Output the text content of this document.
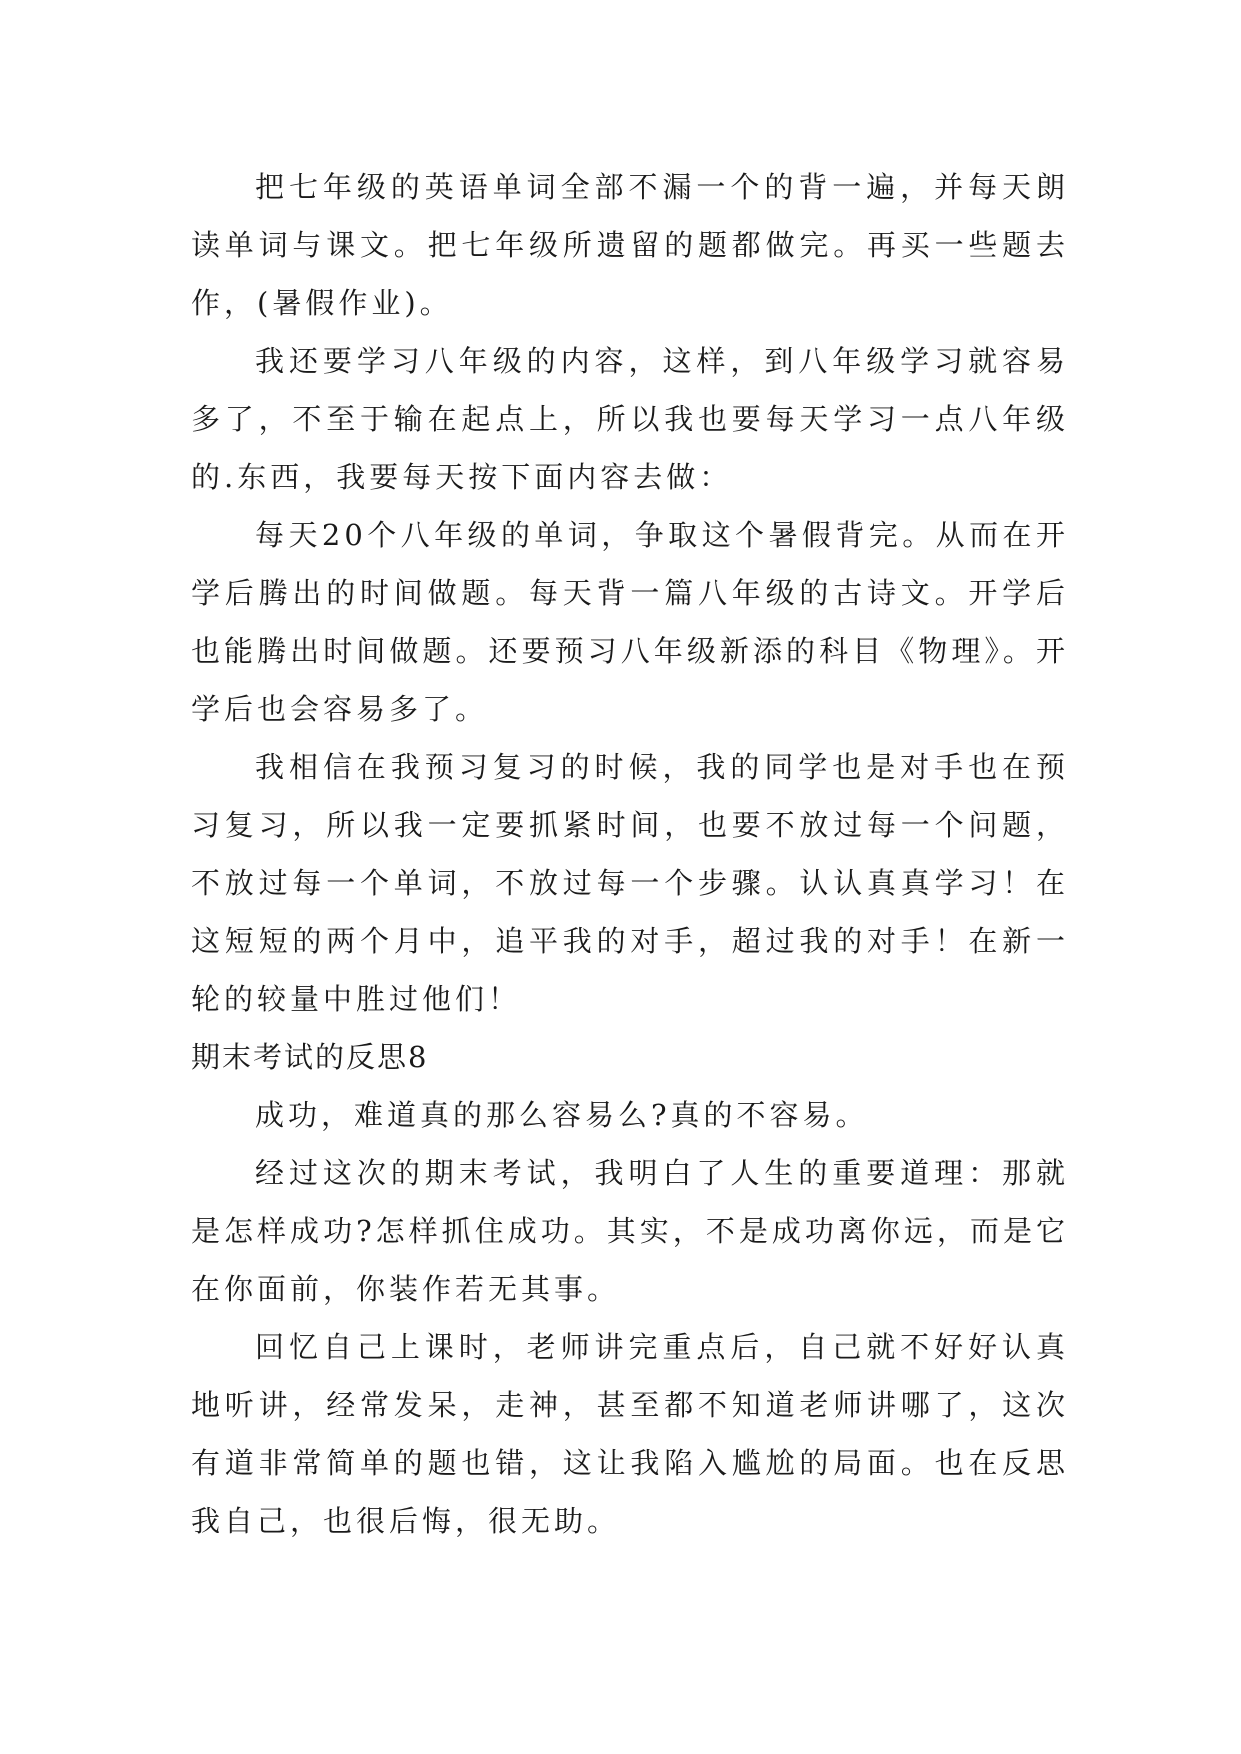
把七年级的英语单词全部不漏一个的背一遍，并每天朗读单词与课文。把七年级所遗留的题都做完。再买一些题去作，(暑假作业)。

我还要学习八年级的内容，这样，到八年级学习就容易多了，不至于输在起点上，所以我也要每天学习一点八年级的.东西，我要每天按下面内容去做：

每天20个八年级的单词，争取这个暑假背完。从而在开学后腾出的时间做题。每天背一篇八年级的古诗文。开学后也能腾出时间做题。还要预习八年级新添的科目《物理》。开学后也会容易多了。

我相信在我预习复习的时候，我的同学也是对手也在预习复习，所以我一定要抓紧时间，也要不放过每一个问题，不放过每一个单词，不放过每一个步骤。认认真真学习！在这短短的两个月中，追平我的对手，超过我的对手！在新一轮的较量中胜过他们！

期末考试的反思8

成功，难道真的那么容易么?真的不容易。

经过这次的期末考试，我明白了人生的重要道理：那就是怎样成功?怎样抓住成功。其实，不是成功离你远，而是它在你面前，你装作若无其事。

回忆自己上课时，老师讲完重点后，自己就不好好认真地听讲，经常发呆，走神，甚至都不知道老师讲哪了，这次有道非常简单的题也错，这让我陷入尴尬的局面。也在反思我自己，也很后悔，很无助。
